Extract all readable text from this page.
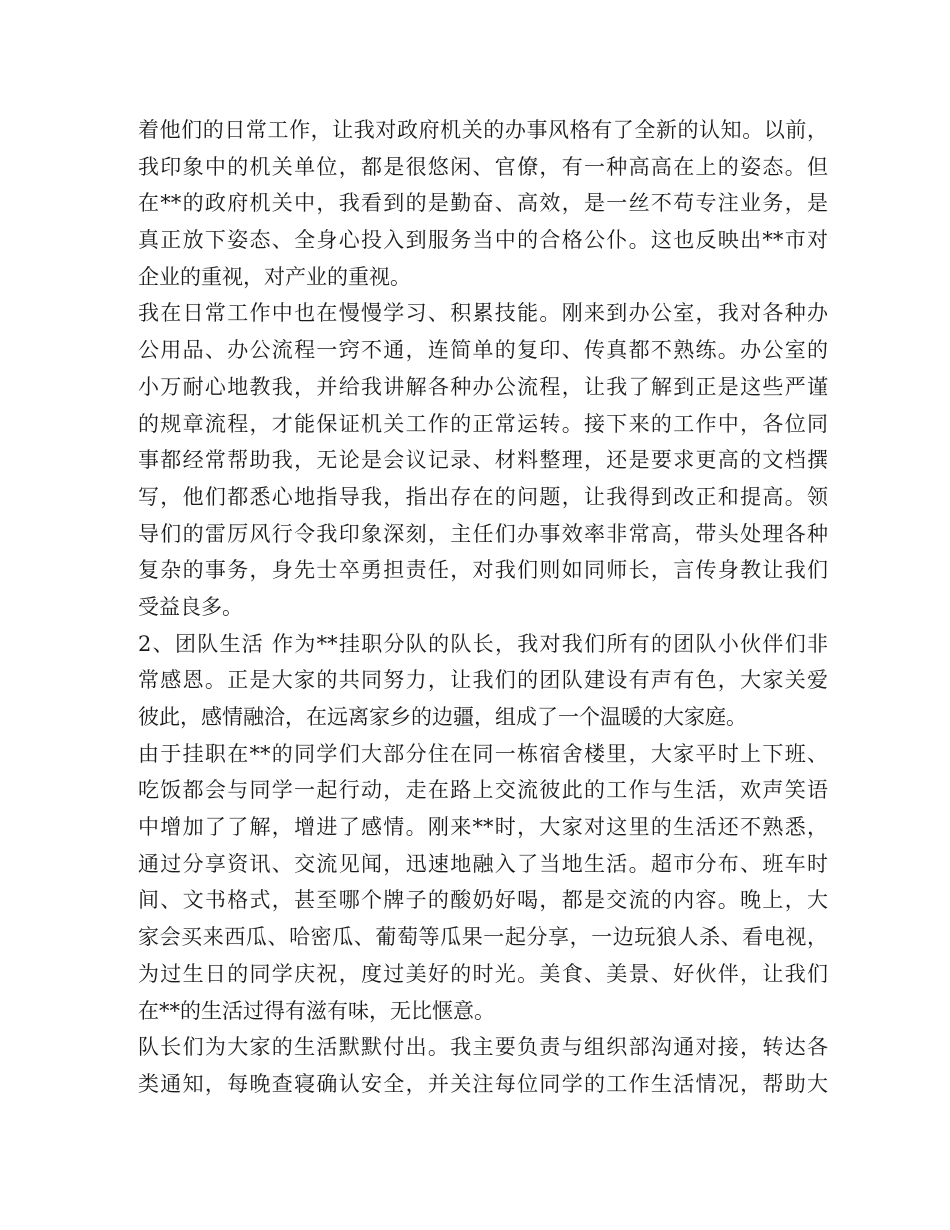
着他们的日常工作，让我对政府机关的办事风格有了全新的认知。以前，
我印象中的机关单位，都是很悠闲、官僚，有一种高高在上的姿态。但
在**的政府机关中，我看到的是勤奋、高效，是一丝不苟专注业务，是
真正放下姿态、全身心投入到服务当中的合格公仆。这也反映出**市对
企业的重视，对产业的重视。
我在日常工作中也在慢慢学习、积累技能。刚来到办公室，我对各种办
公用品、办公流程一窍不通，连简单的复印、传真都不熟练。办公室的
小万耐心地教我，并给我讲解各种办公流程，让我了解到正是这些严谨
的规章流程，才能保证机关工作的正常运转。接下来的工作中，各位同
事都经常帮助我，无论是会议记录、材料整理，还是要求更高的文档撰
写，他们都悉心地指导我，指出存在的问题，让我得到改正和提高。领
导们的雷厉风行令我印象深刻，主任们办事效率非常高，带头处理各种
复杂的事务，身先士卒勇担责任，对我们则如同师长，言传身教让我们
受益良多。
2、团队生活 作为**挂职分队的队长，我对我们所有的团队小伙伴们非
常感恩。正是大家的共同努力，让我们的团队建设有声有色，大家关爱
彼此，感情融洽，在远离家乡的边疆，组成了一个温暖的大家庭。
由于挂职在**的同学们大部分住在同一栋宿舍楼里，大家平时上下班、
吃饭都会与同学一起行动，走在路上交流彼此的工作与生活，欢声笑语
中增加了了解，增进了感情。刚来**时，大家对这里的生活还不熟悉，
通过分享资讯、交流见闻，迅速地融入了当地生活。超市分布、班车时
间、文书格式，甚至哪个牌子的酸奶好喝，都是交流的内容。晚上，大
家会买来西瓜、哈密瓜、葡萄等瓜果一起分享，一边玩狼人杀、看电视，
为过生日的同学庆祝，度过美好的时光。美食、美景、好伙伴，让我们
在**的生活过得有滋有味，无比惬意。
队长们为大家的生活默默付出。我主要负责与组织部沟通对接，转达各
类通知，每晚查寝确认安全，并关注每位同学的工作生活情况，帮助大
